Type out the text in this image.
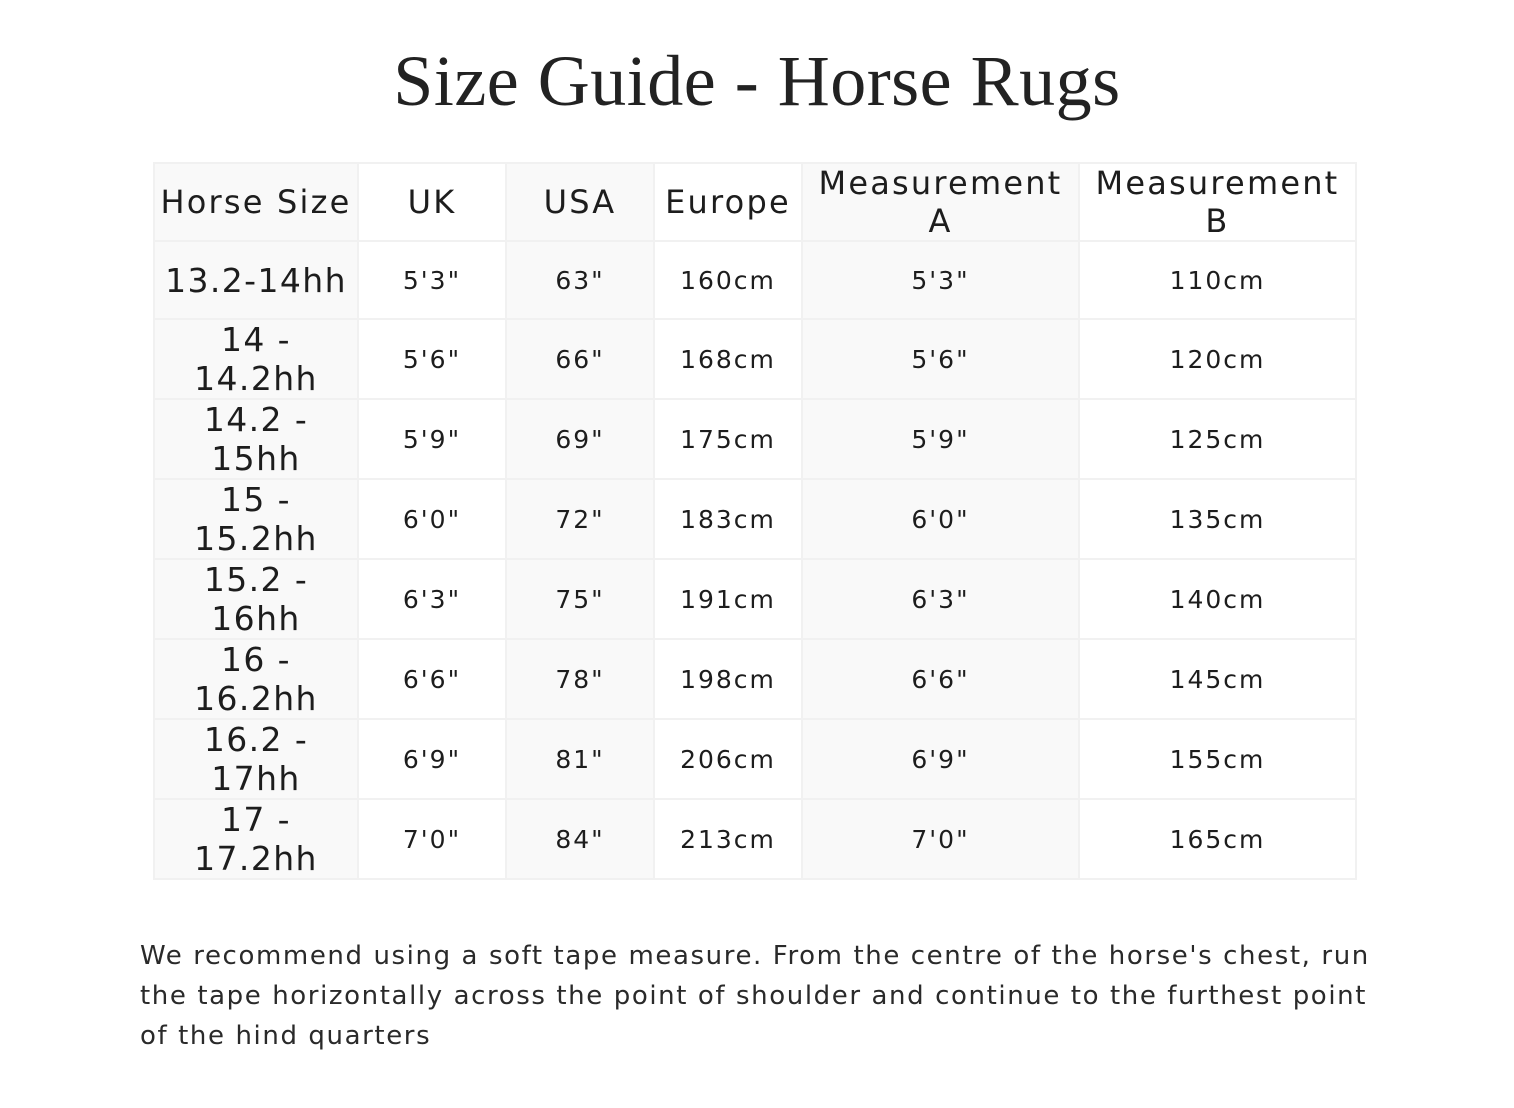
Size Guide - Horse Rugs
Horse Size	UK	USA	Europe	Measurement A	Measurement B
13.2-14hh	5'3"	63"	160cm	5'3"	110cm
14 - 14.2hh	5'6"	66"	168cm	5'6"	120cm
14.2 - 15hh	5'9"	69"	175cm	5'9"	125cm
15 - 15.2hh	6'0"	72"	183cm	6'0"	135cm
15.2 - 16hh	6'3"	75"	191cm	6'3"	140cm
16 - 16.2hh	6'6"	78"	198cm	6'6"	145cm
16.2 - 17hh	6'9"	81"	206cm	6'9"	155cm
17 - 17.2hh	7'0"	84"	213cm	7'0"	165cm

We recommend using a soft tape measure. From the centre of the horse's chest, run the tape horizontally across the point of shoulder and continue to the furthest point of the hind quarters
